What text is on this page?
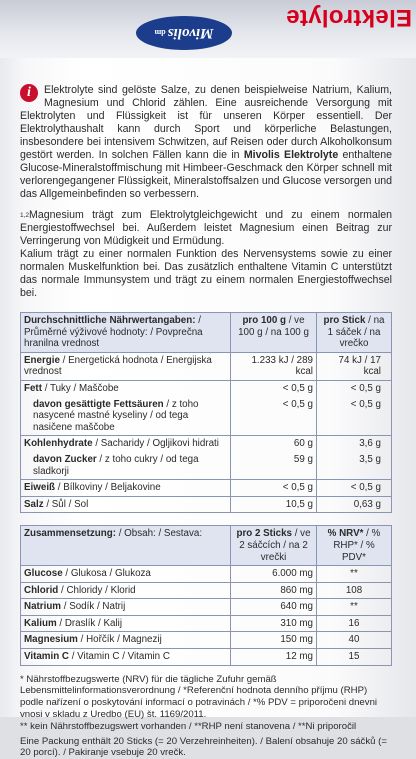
Elektrolyte
Mivolis
dm
i	Elektrolyte sind gelöste Salze, zu denen beispielweise Natrium, Kalium, Magnesium und Chlorid zählen. Eine ausreichende Versorgung mit Elektrolyten und Flüssigkeit ist für unseren Körper essentiell. Der Elektrolythaushalt kann durch Sport und körperliche Belastungen, insbesondere bei intensivem Schwitzen, auf Reisen oder durch Alkoholkonsum gestört werden. In solchen Fällen kann die in Mivolis Elektrolyte enthaltene Glucose-Mineralstoffmischung mit Himbeer-Geschmack den Körper schnell mit verlorengegangener Flüssigkeit, Mineralstoffsalzen und Glucose versorgen und das Allgemeinbefinden so verbessern.
$^{1,2}$Magnesium trägt zum Elektrolytgleichgewicht und zu einem normalen Energiestoffwechsel bei. Außerdem leistet Magnesium einen Beitrag zur Verringerung von Müdigkeit und Ermüdung.
Kalium trägt zu einer normalen Funktion des Nervensystems sowie zu einer normalen Muskelfunktion bei. Das zusätzlich enthaltene Vitamin C unterstützt das normale Immunsystem und trägt zu einem normalen Energiestoffwechsel bei.
Durchschnittliche Nährwertangaben: / Průměrné výživové hodnoty: / Povprečna hranilna vrednost	pro 100 g / ve 100 g / na 100 g	pro Stick / na 1 sáček / na vrečko
Energie / Energetická hodnota / Energijska vrednost	1.233 kJ / 289 kcal	74 kJ / 17 kcal
Fett / Tuky / Maščobe	< 0,5 g	< 0,5 g
davon gesättigte Fettsäuren / z toho nasycené mastné kyseliny / od tega nasičene maščobe	< 0,5 g	< 0,5 g
Kohlenhydrate / Sacharidy / Ogljikovi hidrati	60 g	3,6 g
davon Zucker / z toho cukry / od tega sladkorji	59 g	3,5 g
Eiweiß / Bílkoviny / Beljakovine	< 0,5 g	< 0,5 g
Salz / Sůl / Sol	10,5 g	0,63 g
Zusammensetzung: / Obsah: / Sestava:	pro 2 Sticks / ve 2 sáčcích / na 2 vrečki	% NRV* / % RHP* / % PDV*
Glucose / Glukosa / Glukoza	6.000 mg	**
Chlorid / Chloridy / Klorid	860 mg	108
Natrium / Sodík / Natrij	640 mg	**
Kalium / Draslík / Kalij	310 mg	16
Magnesium / Hořčík / Magnezij	150 mg	40
Vitamin C / Vitamin C / Vitamin C	12 mg	15

* Nährstoffbezugswerte (NRV) für die tägliche Zufuhr gemäß Lebensmittelinformationsverordnung / *Referenční hodnota denního příjmu (RHP) podle nařízení o poskytování informací o potravinách / *% PDV = priporočeni dnevni vnosi v skladu z Uredbo (EU) št. 1169/2011.

** kein Nährstoffbezugswert vorhanden / **RHP není stanovena / **Ni priporočil

Eine Packung enthält 20 Sticks (= 20 Verzehreinheiten). / Balení obsahuje 20 sáčků (= 20 porcí). / Pakiranje vsebuje 20 vrečk.
